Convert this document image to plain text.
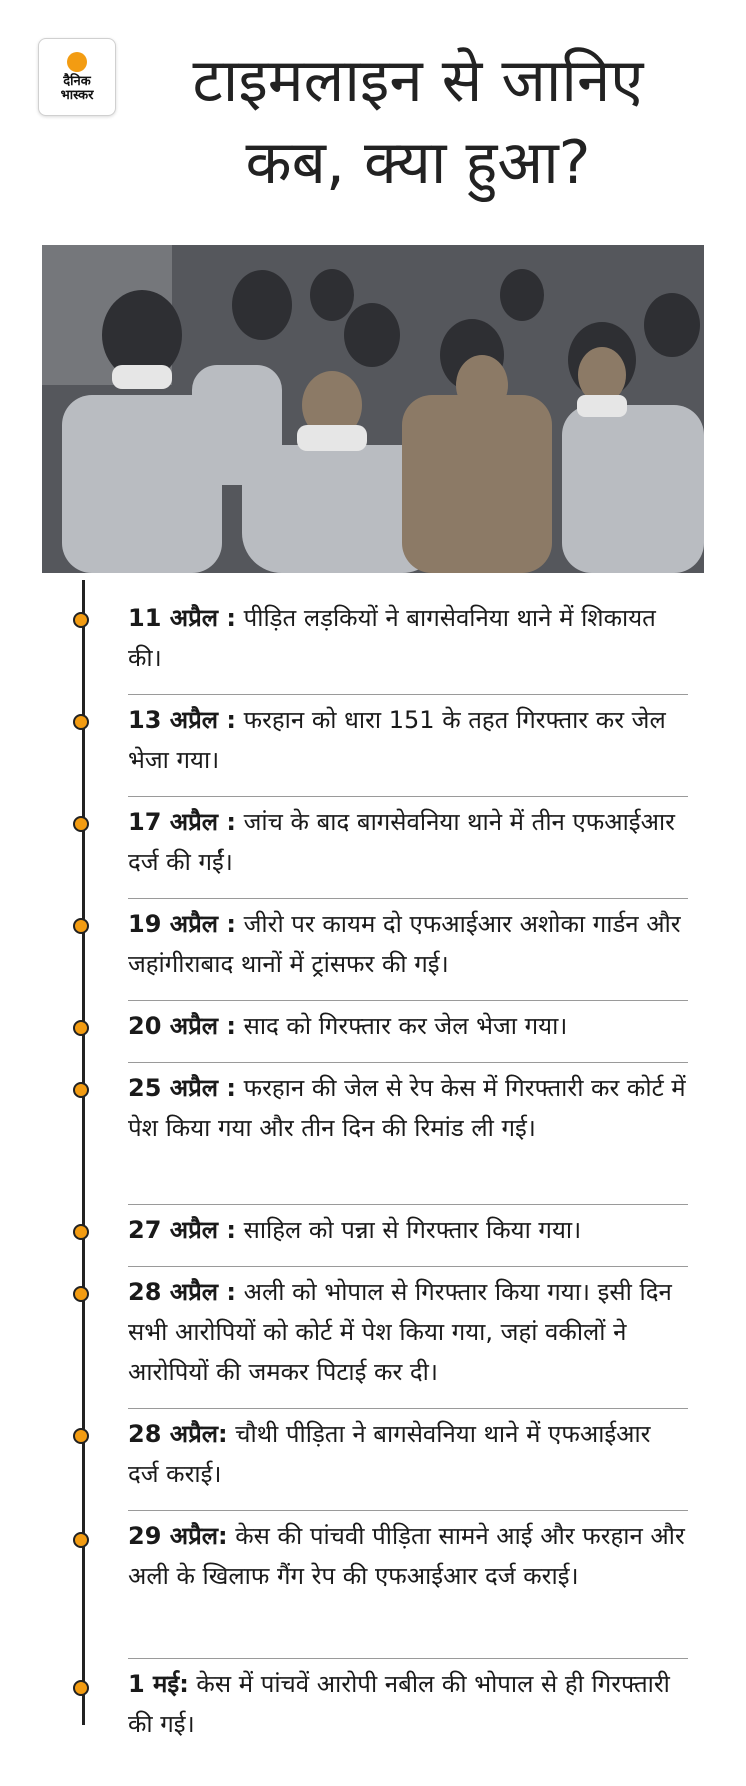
दैनिक
भास्कर	टाइमलाइन से जानिए
कब, क्या हुआ?
11 अप्रैल : पीड़ित लड़कियों ने बागसेवनिया थाने में शिकायत की।
13 अप्रैल : फरहान को धारा 151 के तहत गिरफ्तार कर जेल भेजा गया।
17 अप्रैल : जांच के बाद बागसेवनिया थाने में तीन एफआईआर दर्ज की गईं।
19 अप्रैल : जीरो पर कायम दो एफआईआर अशोका गार्डन और जहांगीराबाद थानों में ट्रांसफर की गई।
20 अप्रैल : साद को गिरफ्तार कर जेल भेजा गया।
25 अप्रैल : फरहान की जेल से रेप केस में गिरफ्तारी कर कोर्ट में पेश किया गया और तीन दिन की रिमांड ली गई।
27 अप्रैल : साहिल को पन्ना से गिरफ्तार किया गया।
28 अप्रैल : अली को भोपाल से गिरफ्तार किया गया। इसी दिन सभी आरोपियों को कोर्ट में पेश किया गया, जहां वकीलों ने आरोपियों की जमकर पिटाई कर दी।
28 अप्रैल: चौथी पीड़िता ने बागसेवनिया थाने में एफआईआर दर्ज कराई।
29 अप्रैल: केस की पांचवी पीड़िता सामने आई और फरहान और अली के खिलाफ गैंग रेप की एफआईआर दर्ज कराई।
1 मई: केस में पांचवें आरोपी नबील की भोपाल से ही गिरफ्तारी की गई।
